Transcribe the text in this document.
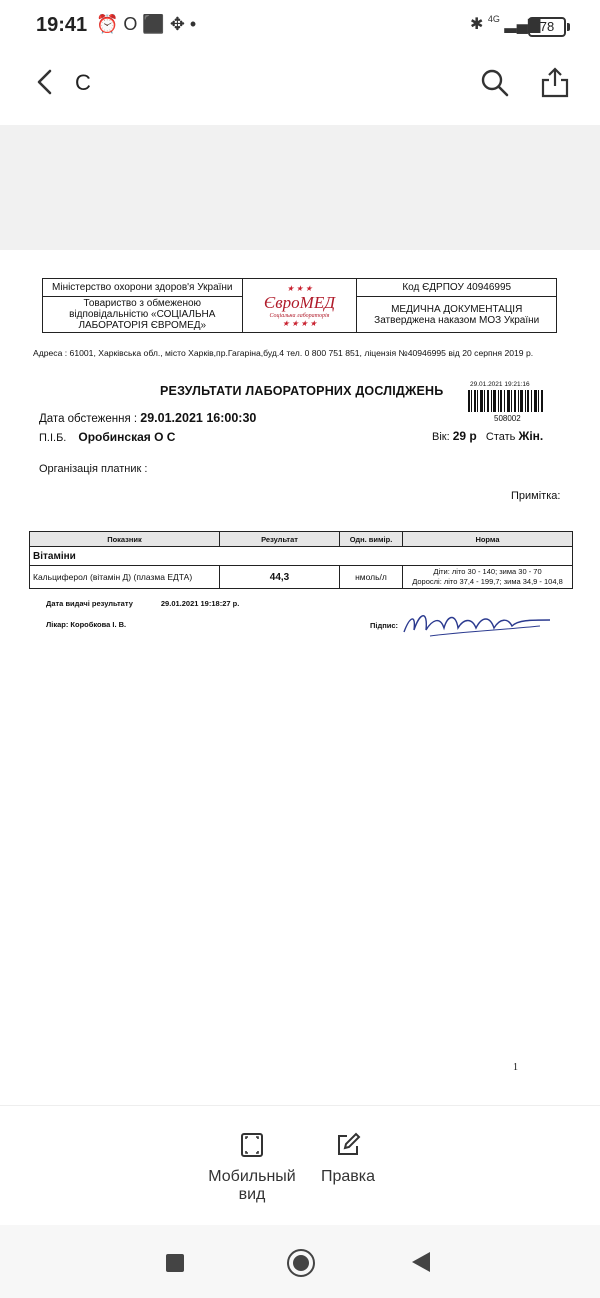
19:41 ⏰ O ⬛ ✥ •	✱ $^{4G}$ ▂▄▆ 78
С
Міністерство охорони здоров'я України	★ ★ ★
ЄвроМЕД
Соціальна лабораторія
★ ★ ★ ★	Код ЄДРПОУ 40946995
Товариство з обмеженою відповідальністю «СОЦІАЛЬНА ЛАБОРАТОРІЯ ЄВРОМЕД»		МЕДИЧНА ДОКУМЕНТАЦІЯ
Затверджена наказом МОЗ України
Адреса : 61001, Харківська обл., місто Харків,пр.Гагаріна,буд.4 тел. 0 800 751 851, ліцензія №40946995 від 20 серпня 2019 р.
РЕЗУЛЬТАТИ ЛАБОРАТОРНИХ ДОСЛІДЖЕНЬ	29.01.2021 19:21:16
508002
Дата обстеження : 29.01.2021 16:00:30
П.І.Б. Оробинская О С	Вік: 29 р Стать Жін.
Організація платник :
Примітка:
Показник	Результат	Одн. вимір.	Норма
Вітаміни			
Кальциферол (вітамін Д) (плазма ЕДТА)	44,3	нмоль/л	Діти: літо 30 - 140; зима 30 - 70
Дорослі: літо 37,4 - 199,7; зима 34,9 - 104,8
Дата видачі результату	29.01.2021 19:18:27 р.
Лікар: Коробкова І. В.	Підпис:
1
Мобильный вид
Правка
